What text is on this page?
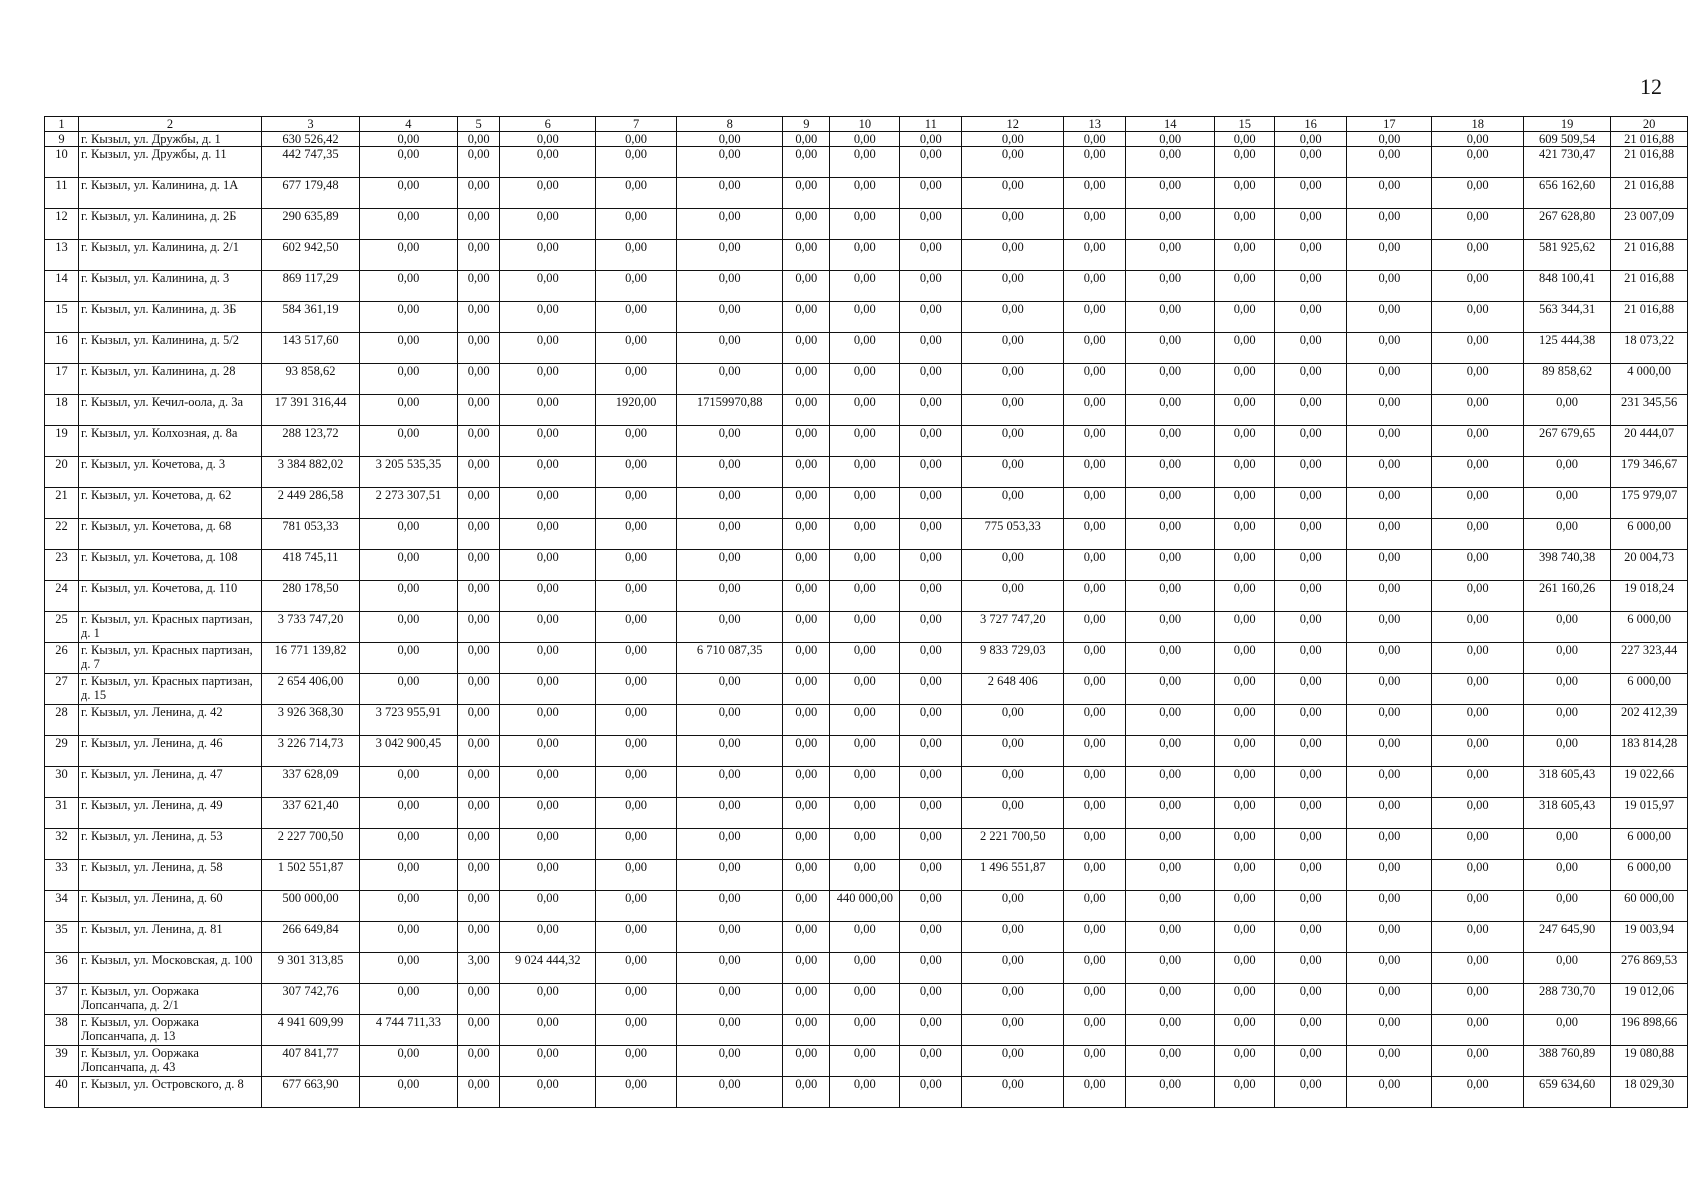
12
1	2	3	4	5	6	7	8	9	10	11	12	13	14	15	16	17	18	19	20
9	г. Кызыл, ул. Дружбы, д. 1	630 526,42	0,00	0,00	0,00	0,00	0,00	0,00	0,00	0,00	0,00	0,00	0,00	0,00	0,00	0,00	0,00	609 509,54	21 016,88
10	г. Кызыл, ул. Дружбы, д. 11	442 747,35	0,00	0,00	0,00	0,00	0,00	0,00	0,00	0,00	0,00	0,00	0,00	0,00	0,00	0,00	0,00	421 730,47	21 016,88
11	г. Кызыл, ул. Калинина, д. 1А	677 179,48	0,00	0,00	0,00	0,00	0,00	0,00	0,00	0,00	0,00	0,00	0,00	0,00	0,00	0,00	0,00	656 162,60	21 016,88
12	г. Кызыл, ул. Калинина, д. 2Б	290 635,89	0,00	0,00	0,00	0,00	0,00	0,00	0,00	0,00	0,00	0,00	0,00	0,00	0,00	0,00	0,00	267 628,80	23 007,09
13	г. Кызыл, ул. Калинина, д. 2/1	602 942,50	0,00	0,00	0,00	0,00	0,00	0,00	0,00	0,00	0,00	0,00	0,00	0,00	0,00	0,00	0,00	581 925,62	21 016,88
14	г. Кызыл, ул. Калинина, д. 3	869 117,29	0,00	0,00	0,00	0,00	0,00	0,00	0,00	0,00	0,00	0,00	0,00	0,00	0,00	0,00	0,00	848 100,41	21 016,88
15	г. Кызыл, ул. Калинина, д. 3Б	584 361,19	0,00	0,00	0,00	0,00	0,00	0,00	0,00	0,00	0,00	0,00	0,00	0,00	0,00	0,00	0,00	563 344,31	21 016,88
16	г. Кызыл, ул. Калинина, д. 5/2	143 517,60	0,00	0,00	0,00	0,00	0,00	0,00	0,00	0,00	0,00	0,00	0,00	0,00	0,00	0,00	0,00	125 444,38	18 073,22
17	г. Кызыл, ул. Калинина, д. 28	93 858,62	0,00	0,00	0,00	0,00	0,00	0,00	0,00	0,00	0,00	0,00	0,00	0,00	0,00	0,00	0,00	89 858,62	4 000,00
18	г. Кызыл, ул. Кечил-оола, д. 3а	17 391 316,44	0,00	0,00	0,00	1920,00	17159970,88	0,00	0,00	0,00	0,00	0,00	0,00	0,00	0,00	0,00	0,00	0,00	231 345,56
19	г. Кызыл, ул. Колхозная, д. 8а	288 123,72	0,00	0,00	0,00	0,00	0,00	0,00	0,00	0,00	0,00	0,00	0,00	0,00	0,00	0,00	0,00	267 679,65	20 444,07
20	г. Кызыл, ул. Кочетова, д. 3	3 384 882,02	3 205 535,35	0,00	0,00	0,00	0,00	0,00	0,00	0,00	0,00	0,00	0,00	0,00	0,00	0,00	0,00	0,00	179 346,67
21	г. Кызыл, ул. Кочетова, д. 62	2 449 286,58	2 273 307,51	0,00	0,00	0,00	0,00	0,00	0,00	0,00	0,00	0,00	0,00	0,00	0,00	0,00	0,00	0,00	175 979,07
22	г. Кызыл, ул. Кочетова, д. 68	781 053,33	0,00	0,00	0,00	0,00	0,00	0,00	0,00	0,00	775 053,33	0,00	0,00	0,00	0,00	0,00	0,00	0,00	6 000,00
23	г. Кызыл, ул. Кочетова, д. 108	418 745,11	0,00	0,00	0,00	0,00	0,00	0,00	0,00	0,00	0,00	0,00	0,00	0,00	0,00	0,00	0,00	398 740,38	20 004,73
24	г. Кызыл, ул. Кочетова, д. 110	280 178,50	0,00	0,00	0,00	0,00	0,00	0,00	0,00	0,00	0,00	0,00	0,00	0,00	0,00	0,00	0,00	261 160,26	19 018,24
25	г. Кызыл, ул. Красных партизан, д. 1	3 733 747,20	0,00	0,00	0,00	0,00	0,00	0,00	0,00	0,00	3 727 747,20	0,00	0,00	0,00	0,00	0,00	0,00	0,00	6 000,00
26	г. Кызыл, ул. Красных партизан, д. 7	16 771 139,82	0,00	0,00	0,00	0,00	6 710 087,35	0,00	0,00	0,00	9 833 729,03	0,00	0,00	0,00	0,00	0,00	0,00	0,00	227 323,44
27	г. Кызыл, ул. Красных партизан, д. 15	2 654 406,00	0,00	0,00	0,00	0,00	0,00	0,00	0,00	0,00	2 648 406	0,00	0,00	0,00	0,00	0,00	0,00	0,00	6 000,00
28	г. Кызыл, ул. Ленина, д. 42	3 926 368,30	3 723 955,91	0,00	0,00	0,00	0,00	0,00	0,00	0,00	0,00	0,00	0,00	0,00	0,00	0,00	0,00	0,00	202 412,39
29	г. Кызыл, ул. Ленина, д. 46	3 226 714,73	3 042 900,45	0,00	0,00	0,00	0,00	0,00	0,00	0,00	0,00	0,00	0,00	0,00	0,00	0,00	0,00	0,00	183 814,28
30	г. Кызыл, ул. Ленина, д. 47	337 628,09	0,00	0,00	0,00	0,00	0,00	0,00	0,00	0,00	0,00	0,00	0,00	0,00	0,00	0,00	0,00	318 605,43	19 022,66
31	г. Кызыл, ул. Ленина, д. 49	337 621,40	0,00	0,00	0,00	0,00	0,00	0,00	0,00	0,00	0,00	0,00	0,00	0,00	0,00	0,00	0,00	318 605,43	19 015,97
32	г. Кызыл, ул. Ленина, д. 53	2 227 700,50	0,00	0,00	0,00	0,00	0,00	0,00	0,00	0,00	2 221 700,50	0,00	0,00	0,00	0,00	0,00	0,00	0,00	6 000,00
33	г. Кызыл, ул. Ленина, д. 58	1 502 551,87	0,00	0,00	0,00	0,00	0,00	0,00	0,00	0,00	1 496 551,87	0,00	0,00	0,00	0,00	0,00	0,00	0,00	6 000,00
34	г. Кызыл, ул. Ленина, д. 60	500 000,00	0,00	0,00	0,00	0,00	0,00	0,00	440 000,00	0,00	0,00	0,00	0,00	0,00	0,00	0,00	0,00	0,00	60 000,00
35	г. Кызыл, ул. Ленина, д. 81	266 649,84	0,00	0,00	0,00	0,00	0,00	0,00	0,00	0,00	0,00	0,00	0,00	0,00	0,00	0,00	0,00	247 645,90	19 003,94
36	г. Кызыл, ул. Московская, д. 100	9 301 313,85	0,00	3,00	9 024 444,32	0,00	0,00	0,00	0,00	0,00	0,00	0,00	0,00	0,00	0,00	0,00	0,00	0,00	276 869,53
37	г. Кызыл, ул. Ооржака Лопсанчапа, д. 2/1	307 742,76	0,00	0,00	0,00	0,00	0,00	0,00	0,00	0,00	0,00	0,00	0,00	0,00	0,00	0,00	0,00	288 730,70	19 012,06
38	г. Кызыл, ул. Ооржака Лопсанчапа, д. 13	4 941 609,99	4 744 711,33	0,00	0,00	0,00	0,00	0,00	0,00	0,00	0,00	0,00	0,00	0,00	0,00	0,00	0,00	0,00	196 898,66
39	г. Кызыл, ул. Ооржака Лопсанчапа, д. 43	407 841,77	0,00	0,00	0,00	0,00	0,00	0,00	0,00	0,00	0,00	0,00	0,00	0,00	0,00	0,00	0,00	388 760,89	19 080,88
40	г. Кызыл, ул. Островского, д. 8	677 663,90	0,00	0,00	0,00	0,00	0,00	0,00	0,00	0,00	0,00	0,00	0,00	0,00	0,00	0,00	0,00	659 634,60	18 029,30
